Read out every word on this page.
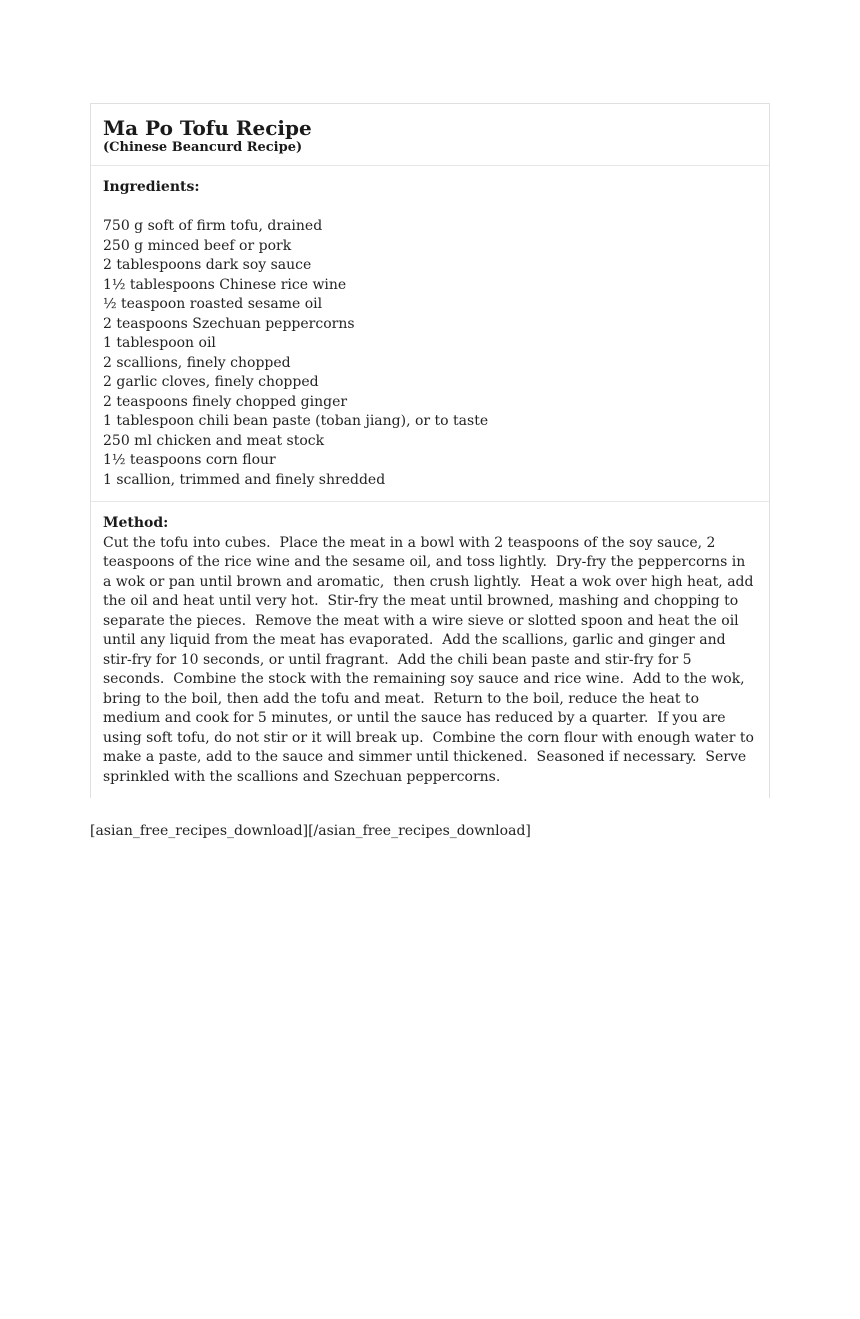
Ma Po Tofu Recipe
(Chinese Beancurd Recipe)
Ingredients:
750 g soft of firm tofu, drained
250 g minced beef or pork
2 tablespoons dark soy sauce
1½ tablespoons Chinese rice wine
½ teaspoon roasted sesame oil
2 teaspoons Szechuan peppercorns
1 tablespoon oil
2 scallions, finely chopped
2 garlic cloves, finely chopped
2 teaspoons finely chopped ginger
1 tablespoon chili bean paste (toban jiang), or to taste
250 ml chicken and meat stock
1½ teaspoons corn flour
1 scallion, trimmed and finely shredded
Method:

Cut the tofu into cubes.  Place the meat in a bowl with 2 teaspoons of the soy sauce, 2 teaspoons of the rice wine and the sesame oil, and toss lightly.  Dry-fry the peppercorns in a wok or pan until brown and aromatic,  then crush lightly.  Heat a wok over high heat, add the oil and heat until very hot.  Stir-fry the meat until browned, mashing and chopping to separate the pieces.  Remove the meat with a wire sieve or slotted spoon and heat the oil until any liquid from the meat has evaporated.  Add the scallions, garlic and ginger and stir-fry for 10 seconds, or until fragrant.  Add the chili bean paste and stir-fry for 5 seconds.  Combine the stock with the remaining soy sauce and rice wine.  Add to the wok, bring to the boil, then add the tofu and meat.  Return to the boil, reduce the heat to medium and cook for 5 minutes, or until the sauce has reduced by a quarter.  If you are using soft tofu, do not stir or it will break up.  Combine the corn flour with enough water to make a paste, add to the sauce and simmer until thickened.  Seasoned if necessary.  Serve sprinkled with the scallions and Szechuan peppercorns.

[asian_free_recipes_download][/asian_free_recipes_download]
